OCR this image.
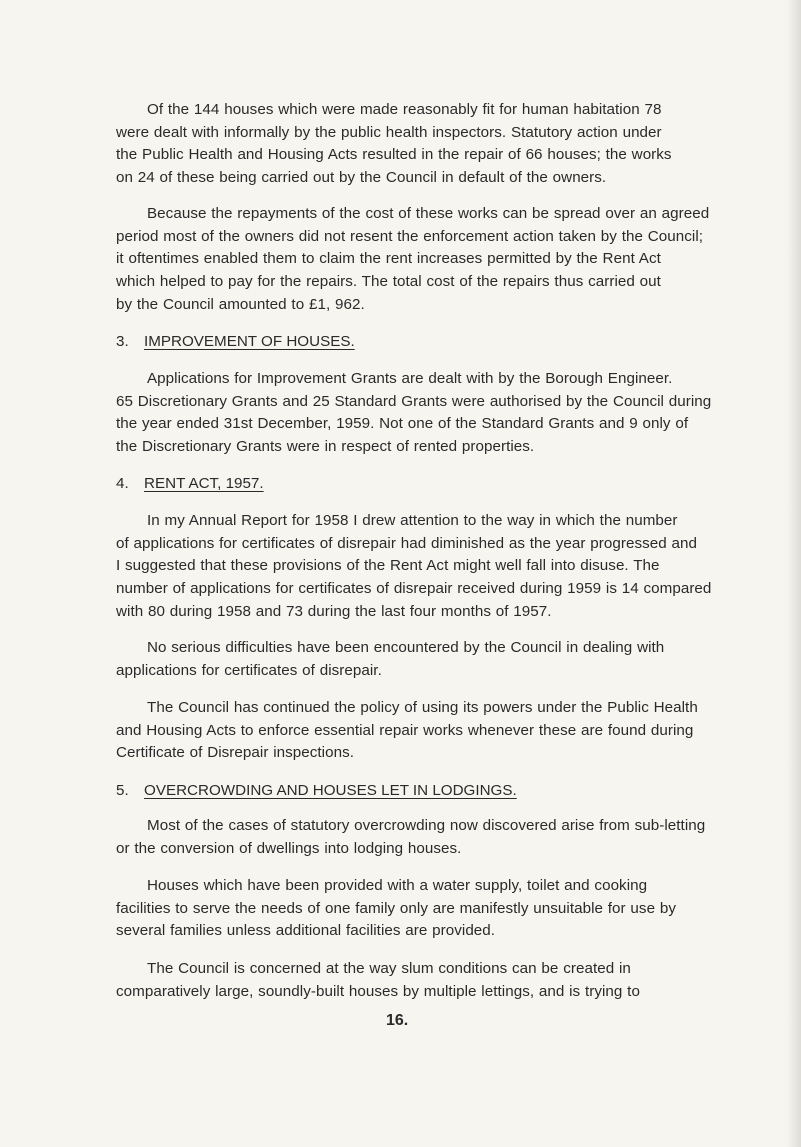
Of the 144 houses which were made reasonably fit for human habitation 78
were dealt with informally by the public health inspectors. Statutory action under
the Public Health and Housing Acts resulted in the repair of 66 houses; the works
on 24 of these being carried out by the Council in default of the owners.
Because the repayments of the cost of these works can be spread over an agreed
period most of the owners did not resent the enforcement action taken by the Council;
it oftentimes enabled them to claim the rent increases permitted by the Rent Act
which helped to pay for the repairs. The total cost of the repairs thus carried out
by the Council amounted to £1, 962.
3. IMPROVEMENT OF HOUSES.
Applications for Improvement Grants are dealt with by the Borough Engineer.
65 Discretionary Grants and 25 Standard Grants were authorised by the Council during
the year ended 31st December, 1959. Not one of the Standard Grants and 9 only of
the Discretionary Grants were in respect of rented properties.
4. RENT ACT, 1957.
In my Annual Report for 1958 I drew attention to the way in which the number
of applications for certificates of disrepair had diminished as the year progressed and
I suggested that these provisions of the Rent Act might well fall into disuse. The
number of applications for certificates of disrepair received during 1959 is 14 compared
with 80 during 1958 and 73 during the last four months of 1957.
No serious difficulties have been encountered by the Council in dealing with
applications for certificates of disrepair.
The Council has continued the policy of using its powers under the Public Health
and Housing Acts to enforce essential repair works whenever these are found during
Certificate of Disrepair inspections.
5. OVERCROWDING AND HOUSES LET IN LODGINGS.
Most of the cases of statutory overcrowding now discovered arise from sub-letting
or the conversion of dwellings into lodging houses.
Houses which have been provided with a water supply, toilet and cooking
facilities to serve the needs of one family only are manifestly unsuitable for use by
several families unless additional facilities are provided.
The Council is concerned at the way slum conditions can be created in
comparatively large, soundly-built houses by multiple lettings, and is trying to
16.
